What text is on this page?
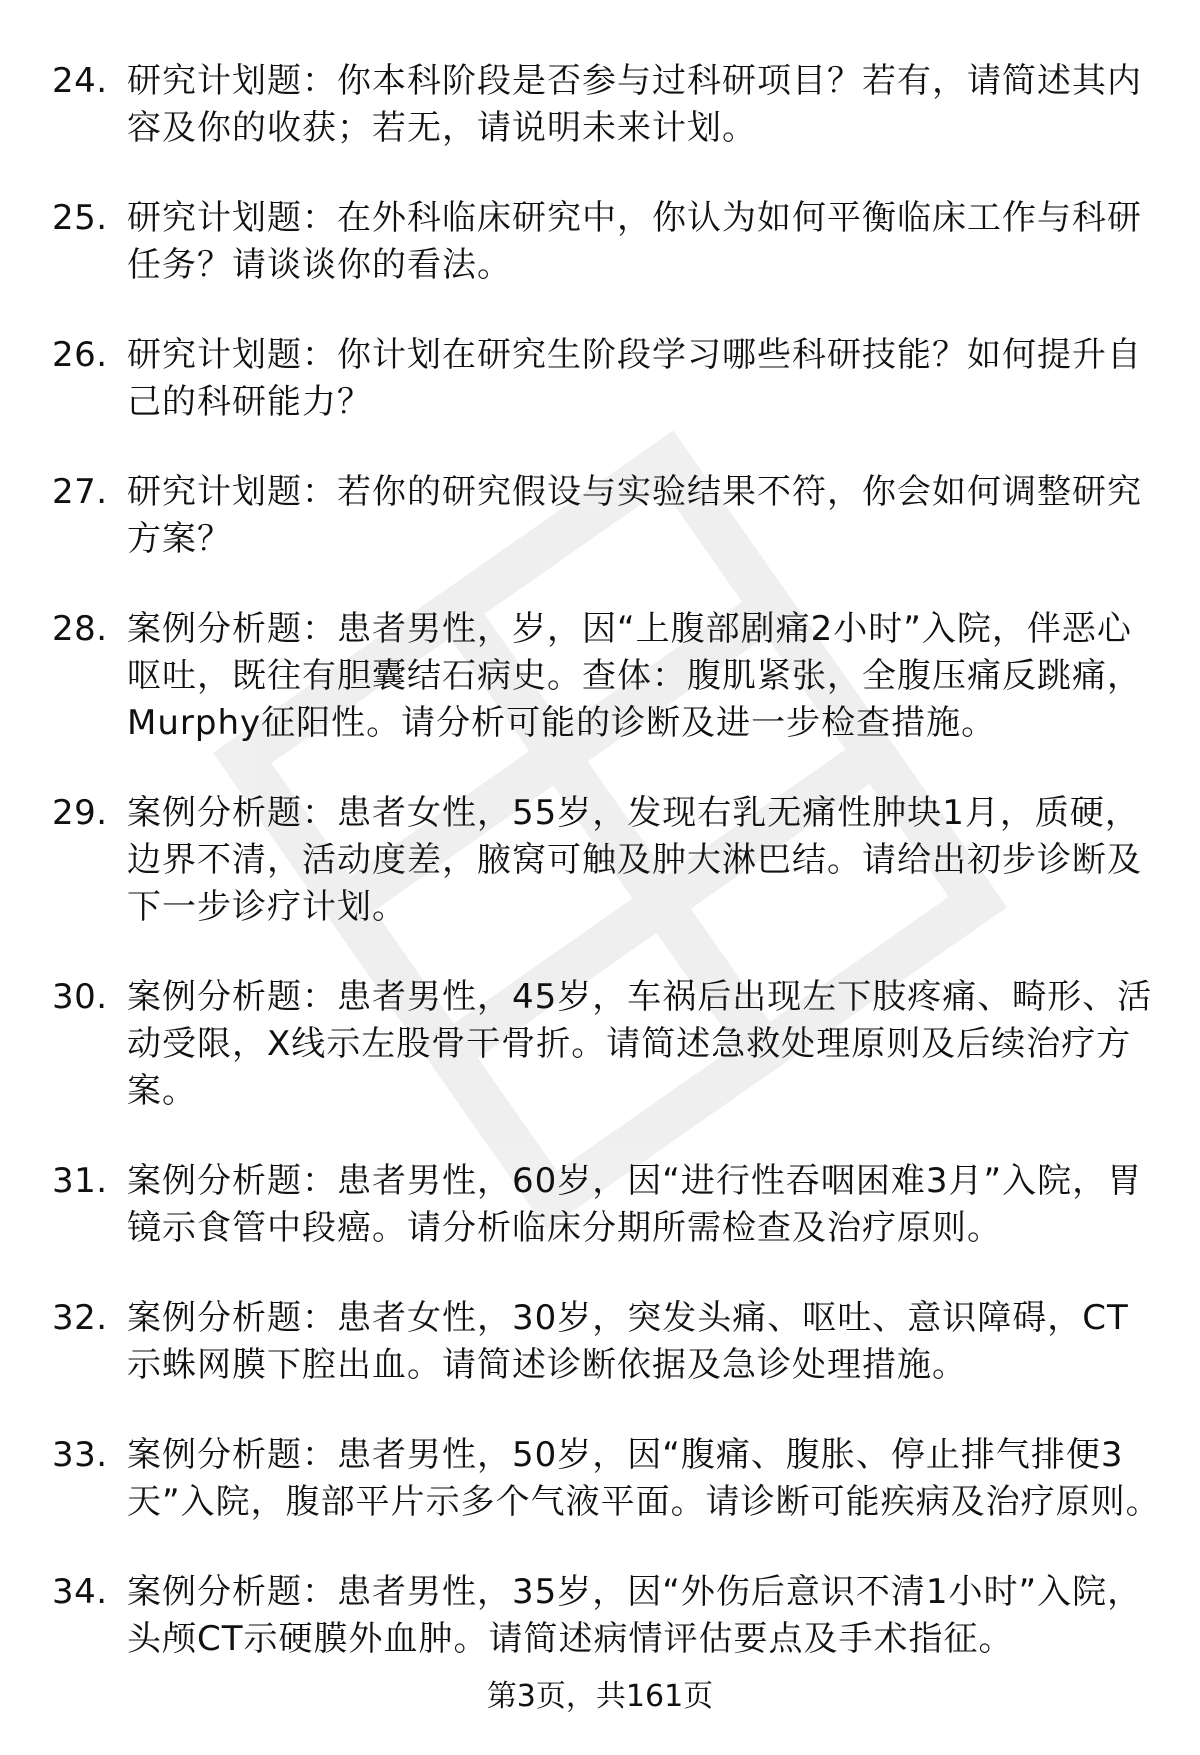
24. 研究计划题：你本科阶段是否参与过科研项目？若有，请简述其内容及你的收获；若无，请说明未来计划。
25. 研究计划题：在外科临床研究中，你认为如何平衡临床工作与科研任务？请谈谈你的看法。
26. 研究计划题：你计划在研究生阶段学习哪些科研技能？如何提升自己的科研能力？
27. 研究计划题：若你的研究假设与实验结果不符，你会如何调整研究方案？
28. 案例分析题：患者男性，岁，因“上腹部剧痛2小时”入院，伴恶心呕吐，既往有胆囊结石病史。查体：腹肌紧张，全腹压痛反跳痛，Murphy征阳性。请分析可能的诊断及进一步检查措施。
29. 案例分析题：患者女性，55岁，发现右乳无痛性肿块1月，质硬，边界不清，活动度差，腋窝可触及肿大淋巴结。请给出初步诊断及下一步诊疗计划。
30. 案例分析题：患者男性，45岁，车祸后出现左下肢疼痛、畸形、活动受限，X线示左股骨干骨折。请简述急救处理原则及后续治疗方案。
31. 案例分析题：患者男性，60岁，因“进行性吞咽困难3月”入院，胃镜示食管中段癌。请分析临床分期所需检查及治疗原则。
32. 案例分析题：患者女性，30岁，突发头痛、呕吐、意识障碍，CT示蛛网膜下腔出血。请简述诊断依据及急诊处理措施。
33. 案例分析题：患者男性，50岁，因“腹痛、腹胀、停止排气排便3天”入院，腹部平片示多个气液平面。请诊断可能疾病及治疗原则。
34. 案例分析题：患者男性，35岁，因“外伤后意识不清1小时”入院，头颅CT示硬膜外血肿。请简述病情评估要点及手术指征。
第3页，共161页
